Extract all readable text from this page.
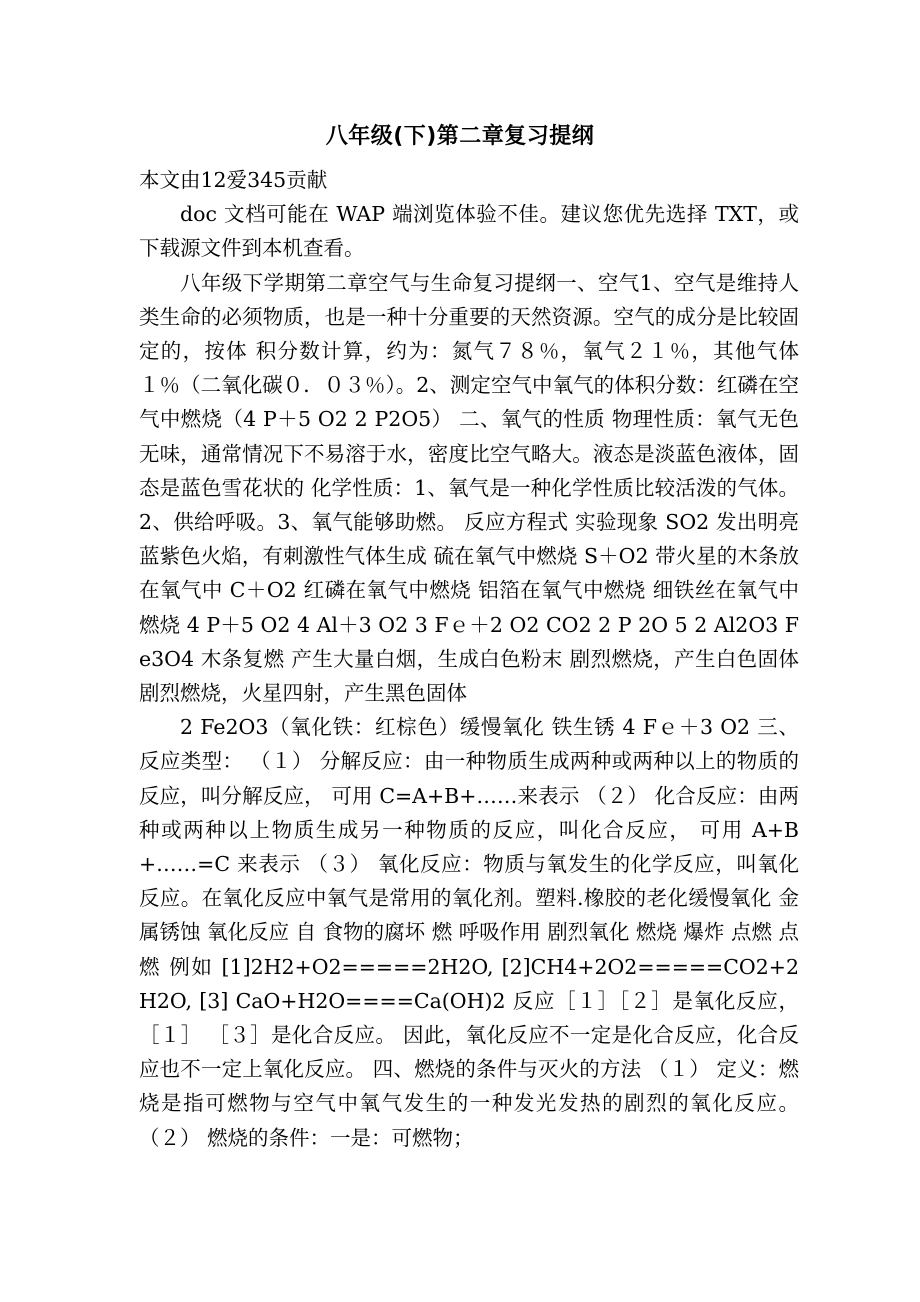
八年级(下)第二章复习提纲

本文由12爱345贡献

doc 文档可能在 WAP 端浏览体验不佳。建议您优先选择 TXT，或下载源文件到本机查看。

八年级下学期第二章空气与生命复习提纲一、空气1、空气是维持人类生命的必须物质，也是一种十分重要的天然资源。空气的成分是比较固定的，按体 积分数计算，约为：氮气７８％，氧气２１％，其他气体１％（二氧化碳０．０３％）。2、测定空气中氧气的体积分数：红磷在空气中燃烧（4 P＋5 O2 2 P2O5） 二、氧气的性质 物理性质：氧气无色无味，通常情况下不易溶于水，密度比空气略大。液态是淡蓝色液体，固态是蓝色雪花状的 化学性质：1、氧气是一种化学性质比较活泼的气体。2、供给呼吸。3、氧气能够助燃。 反应方程式 实验现象 SO2 发出明亮蓝紫色火焰，有刺激性气体生成 硫在氧气中燃烧 S＋O2 带火星的木条放在氧气中 C＋O2 红磷在氧气中燃烧 铝箔在氧气中燃烧 细铁丝在氧气中燃烧 4 P＋5 O2 4 Al＋3 O2 3 Fｅ＋2 O2 CO2 2 P 2O 5 2 Al2O3 Fe3O4 木条复燃 产生大量白烟，生成白色粉末 剧烈燃烧，产生白色固体 剧烈燃烧，火星四射，产生黑色固体

2 Fe2O3（氧化铁：红棕色）缓慢氧化 铁生锈 4 Fｅ＋3 O2 三、反应类型： （１） 分解反应：由一种物质生成两种或两种以上的物质的反应，叫分解反应， 可用 C=A+B+……来表示 （２） 化合反应：由两种或两种以上物质生成另一种物质的反应，叫化合反应， 可用 A+B+……=C 来表示 （３） 氧化反应：物质与氧发生的化学反应，叫氧化反应。在氧化反应中氧气是常用的氧化剂。塑料.橡胶的老化缓慢氧化 金属锈蚀 氧化反应 自 食物的腐坏 燃 呼吸作用 剧烈氧化 燃烧 爆炸 点燃 点燃 例如 [1]2H2+O2=====2H2O, [2]CH4+2O2=====CO2+2H2O, [3] CaO+H2O====Ca(OH)2 反应［１］［２］是氧化反应， ［１］ ［３］是化合反应。 因此，氧化反应不一定是化合反应，化合反应也不一定上氧化反应。 四、燃烧的条件与灭火的方法 （１） 定义：燃烧是指可燃物与空气中氧气发生的一种发光发热的剧烈的氧化反应。 （２） 燃烧的条件：一是：可燃物；
